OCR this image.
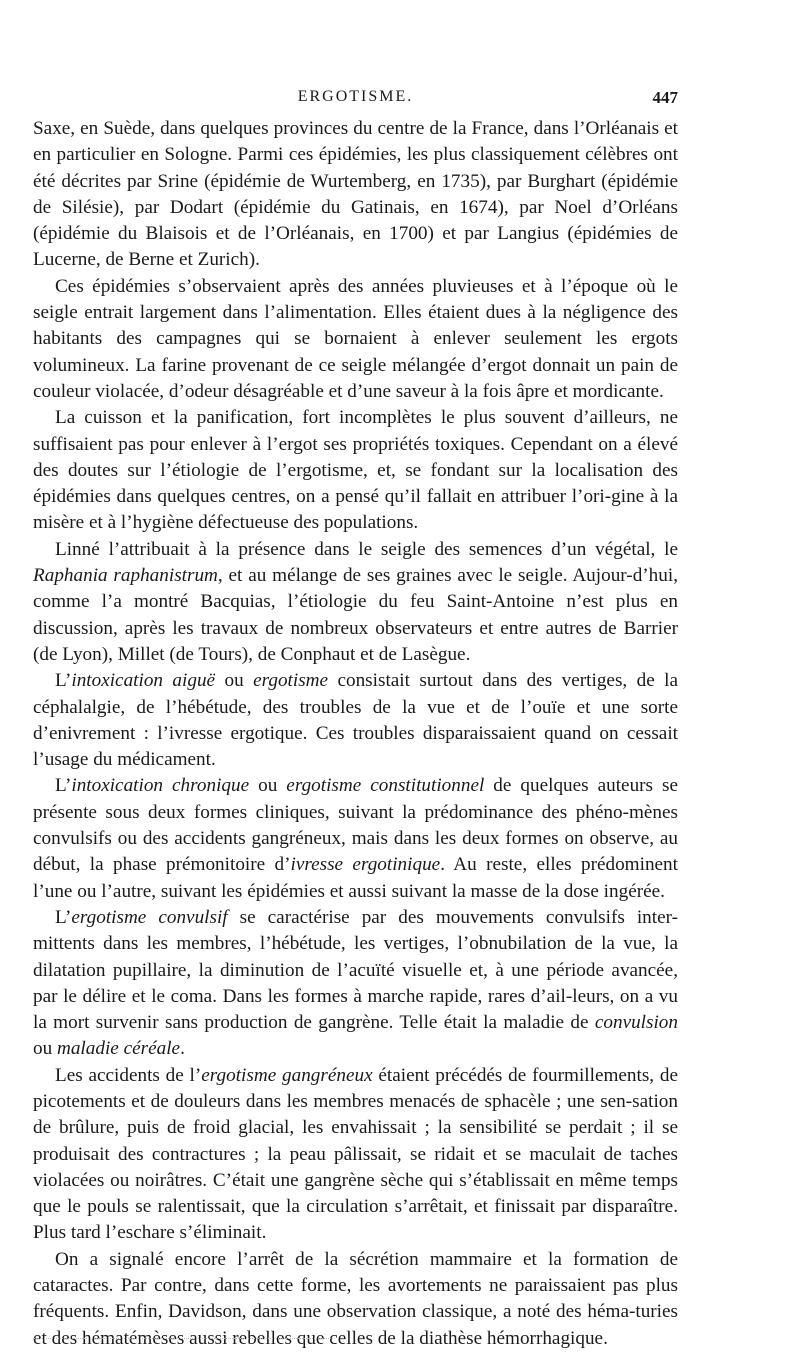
ERGOTISME.	447

Saxe, en Suède, dans quelques provinces du centre de la France, dans l’Orléanais et en particulier en Sologne. Parmi ces épidémies, les plus classiquement célèbres ont été décrites par Srine (épidémie de Wurtemberg, en 1735), par Burghart (épidémie de Silésie), par Dodart (épidémie du Gatinais, en 1674), par Noel d’Orléans (épidémie du Blaisois et de l’Orléanais, en 1700) et par Langius (épidémies de Lucerne, de Berne et Zurich).

Ces épidémies s’observaient après des années pluvieuses et à l’époque où le seigle entrait largement dans l’alimentation. Elles étaient dues à la négligence des habitants des campagnes qui se bornaient à enlever seulement les ergots volumineux. La farine provenant de ce seigle mélangée d’ergot donnait un pain de couleur violacée, d’odeur désagréable et d’une saveur à la fois âpre et mordicante.

La cuisson et la panification, fort incomplètes le plus souvent d’ailleurs, ne suffisaient pas pour enlever à l’ergot ses propriétés toxiques. Cependant on a élevé des doutes sur l’étiologie de l’ergotisme, et, se fondant sur la localisation des épidémies dans quelques centres, on a pensé qu’il fallait en attribuer l’ori-gine à la misère et à l’hygiène défectueuse des populations.

Linné l’attribuait à la présence dans le seigle des semences d’un végétal, le Raphania raphanistrum, et au mélange de ses graines avec le seigle. Aujour-d’hui, comme l’a montré Bacquias, l’étiologie du feu Saint-Antoine n’est plus en discussion, après les travaux de nombreux observateurs et entre autres de Barrier (de Lyon), Millet (de Tours), de Conphaut et de Lasègue.

L’intoxication aiguë ou ergotisme consistait surtout dans des vertiges, de la céphalalgie, de l’hébétude, des troubles de la vue et de l’ouïe et une sorte d’enivrement : l’ivresse ergotique. Ces troubles disparaissaient quand on cessait l’usage du médicament.

L’intoxication chronique ou ergotisme constitutionnel de quelques auteurs se présente sous deux formes cliniques, suivant la prédominance des phéno-mènes convulsifs ou des accidents gangréneux, mais dans les deux formes on observe, au début, la phase prémonitoire d’ivresse ergotinique. Au reste, elles prédominent l’une ou l’autre, suivant les épidémies et aussi suivant la masse de la dose ingérée.

L’ergotisme convulsif se caractérise par des mouvements convulsifs inter-mittents dans les membres, l’hébétude, les vertiges, l’obnubilation de la vue, la dilatation pupillaire, la diminution de l’acuïté visuelle et, à une période avancée, par le délire et le coma. Dans les formes à marche rapide, rares d’ail-leurs, on a vu la mort survenir sans production de gangrène. Telle était la maladie de convulsion ou maladie céréale.

Les accidents de l’ergotisme gangréneux étaient précédés de fourmillements, de picotements et de douleurs dans les membres menacés de sphacèle ; une sen-sation de brûlure, puis de froid glacial, les envahissait ; la sensibilité se perdait ; il se produisait des contractures ; la peau pâlissait, se ridait et se maculait de taches violacées ou noirâtres. C’était une gangrène sèche qui s’établissait en même temps que le pouls se ralentissait, que la circulation s’arrêtait, et finissait par disparaître. Plus tard l’eschare s’éliminait.

On a signalé encore l’arrêt de la sécrétion mammaire et la formation de cataractes. Par contre, dans cette forme, les avortements ne paraissaient pas plus fréquents. Enfin, Davidson, dans une observation classique, a noté des héma-turies et des hématémèses aussi rebelles que celles de la diathèse hémorrhagique.
